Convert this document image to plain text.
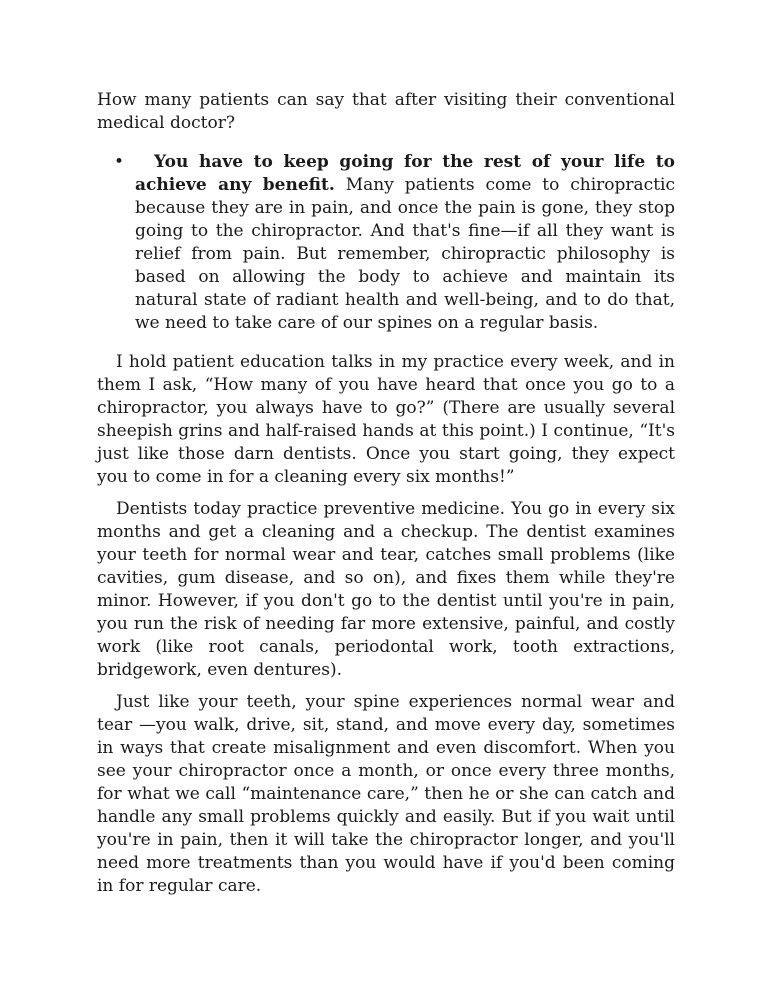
How many patients can say that after visiting their conventional medical doctor?

•	You have to keep going for the rest of your life to achieve any benefit. Many patients come to chiropractic because they are in pain, and once the pain is gone, they stop going to the chiropractor. And that's fine—if all they want is relief from pain. But remember, chiropractic philosophy is based on allowing the body to achieve and maintain its natural state of radiant health and well-being, and to do that, we need to take care of our spines on a regular basis.

I hold patient education talks in my practice every week, and in them I ask, “How many of you have heard that once you go to a chiropractor, you always have to go?” (There are usually several sheepish grins and half-raised hands at this point.) I continue, “It's just like those darn dentists. Once you start going, they expect you to come in for a cleaning every six months!”

Dentists today practice preventive medicine. You go in every six months and get a cleaning and a checkup. The dentist examines your teeth for normal wear and tear, catches small problems (like cavities, gum disease, and so on), and fixes them while they're minor. However, if you don't go to the dentist until you're in pain, you run the risk of needing far more extensive, painful, and costly work (like root canals, periodontal work, tooth extractions, bridgework, even dentures).

Just like your teeth, your spine experiences normal wear and tear —you walk, drive, sit, stand, and move every day, sometimes in ways that create misalignment and even discomfort. When you see your chiropractor once a month, or once every three months, for what we call “maintenance care,” then he or she can catch and handle any small problems quickly and easily. But if you wait until you're in pain, then it will take the chiropractor longer, and you'll need more treatments than you would have if you'd been coming in for regular care.
